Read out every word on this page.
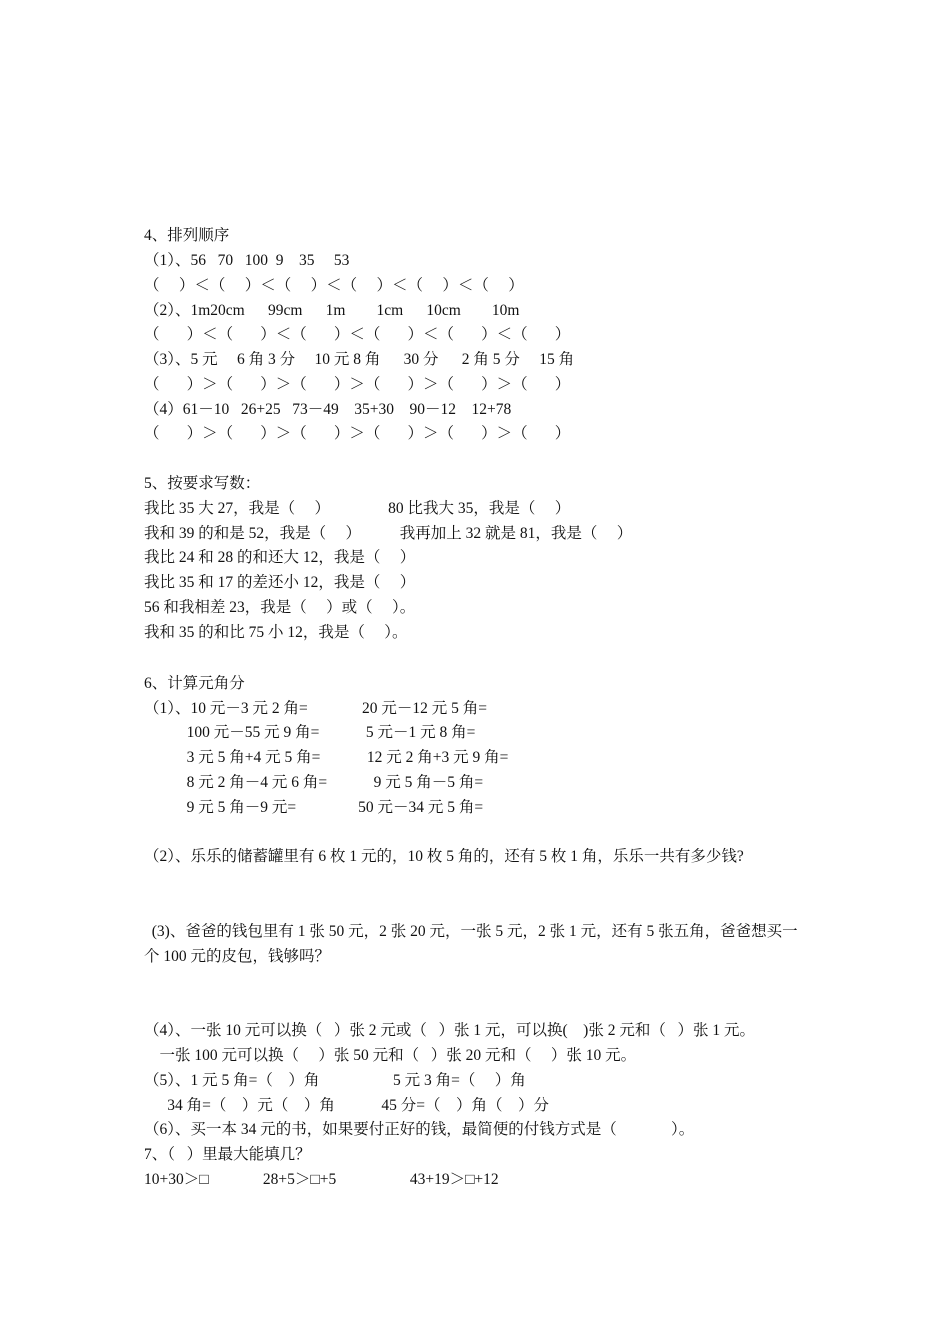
4、排列顺序
（1）、56   70   100  9    35     53
（     ）＜（     ）＜（     ）＜（     ）＜（     ）＜（     ）
（2）、1m20cm      99cm      1m        1cm      10cm        10m
（       ）＜（       ）＜（       ）＜（       ）＜（       ）＜（       ）
（3）、5 元     6 角 3 分     10 元 8 角      30 分      2 角 5 分     15 角
（       ）＞（       ）＞（       ）＞（       ）＞（       ）＞（       ）
（4）61－10   26+25   73－49    35+30    90－12    12+78
（       ）＞（       ）＞（       ）＞（       ）＞（       ）＞（       ）
5、按要求写数：
我比 35 大 27，我是（     ）               80 比我大 35，我是（     ）
我和 39 的和是 52，我是（     ）          我再加上 32 就是 81，我是（     ）
我比 24 和 28 的和还大 12，我是（     ）
我比 35 和 17 的差还小 12，我是（     ）
56 和我相差 23，我是（     ）或（     ）。
我和 35 的和比 75 小 12，我是（     ）。
6、计算元角分
（1）、10 元－3 元 2 角=              20 元－12 元 5 角=
100 元－55 元 9 角=            5 元－1 元 8 角=
3 元 5 角+4 元 5 角=            12 元 2 角+3 元 9 角=
8 元 2 角－4 元 6 角=            9 元 5 角－5 角=
9 元 5 角－9 元=                50 元－34 元 5 角=
（2）、乐乐的储蓄罐里有 6 枚 1 元的，10 枚 5 角的，还有 5 枚 1 角，乐乐一共有多少钱?
(3)、爸爸的钱包里有 1 张 50 元，2 张 20 元，一张 5 元，2 张 1 元，还有 5 张五角，爸爸想买一
个 100 元的皮包，钱够吗？
（4）、一张 10 元可以换（   ）张 2 元或（   ）张 1 元，可以换(    )张 2 元和（   ）张 1 元。
一张 100 元可以换（     ）张 50 元和（   ）张 20 元和（     ）张 10 元。
（5）、1 元 5 角=（    ）角                   5 元 3 角=（     ）角
34 角=（    ）元（    ）角            45 分=（    ）角（    ）分
（6）、买一本 34 元的书，如果要付正好的钱，最简便的付钱方式是（              ）。
7、（   ）里最大能填几？
10+30＞□              28+5＞□+5                   43+19＞□+12
